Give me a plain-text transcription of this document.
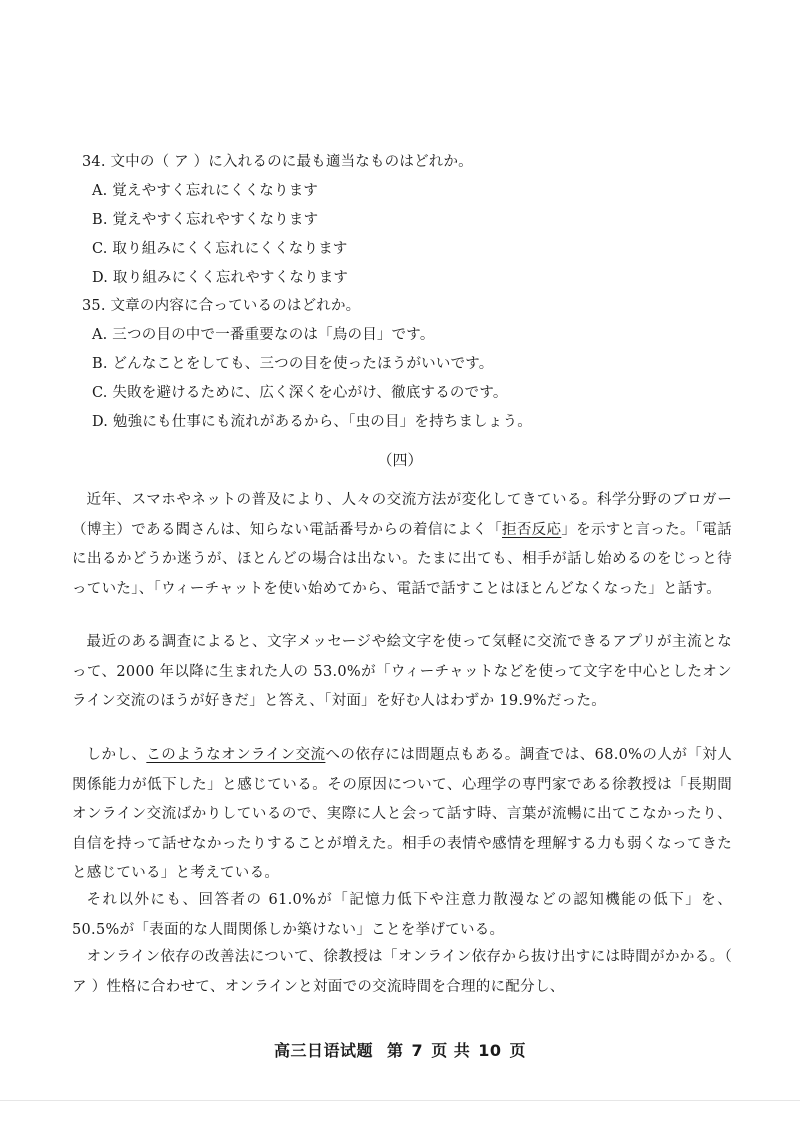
34. 文中の（ ア ）に入れるのに最も適当なものはどれか。
A. 覚えやすく忘れにくくなります
B. 覚えやすく忘れやすくなります
C. 取り組みにくく忘れにくくなります
D. 取り組みにくく忘れやすくなります
35. 文章の内容に合っているのはどれか。
A. 三つの目の中で一番重要なのは「鳥の目」です。
B. どんなことをしても、三つの目を使ったほうがいいです。
C. 失敗を避けるために、広く深くを心がけ、徹底するのです。
D. 勉強にも仕事にも流れがあるから、「虫の目」を持ちましょう。
（四）
近年、スマホやネットの普及により、人々の交流方法が変化してきている。科学分野のブロガー（博主）である閻さんは、知らない電話番号からの着信によく「拒否反応」を示すと言った。「電話に出るかどうか迷うが、ほとんどの場合は出ない。たまに出ても、相手が話し始めるのをじっと待っていた」、「ウィーチャットを使い始めてから、電話で話すことはほとんどなくなった」と話す。
最近のある調査によると、文字メッセージや絵文字を使って気軽に交流できるアプリが主流となって、2000 年以降に生まれた人の 53.0%が「ウィーチャットなどを使って文字を中心としたオンライン交流のほうが好きだ」と答え、「対面」を好む人はわずか 19.9%だった。
しかし、このようなオンライン交流への依存には問題点もある。調査では、68.0%の人が「対人関係能力が低下した」と感じている。その原因について、心理学の専門家である徐教授は「長期間オンライン交流ばかりしているので、実際に人と会って話す時、言葉が流暢に出てこなかったり、自信を持って話せなかったりすることが増えた。相手の表情や感情を理解する力も弱くなってきたと感じている」と考えている。
それ以外にも、回答者の 61.0%が「記憶力低下や注意力散漫などの認知機能の低下」を、50.5%が「表面的な人間関係しか築けない」ことを挙げている。
オンライン依存の改善法について、徐教授は「オンライン依存から抜け出すには時間がかかる。（ ア ）性格に合わせて、オンラインと対面での交流時間を合理的に配分し、
高三日语试题 第 7 页 共 10 页
